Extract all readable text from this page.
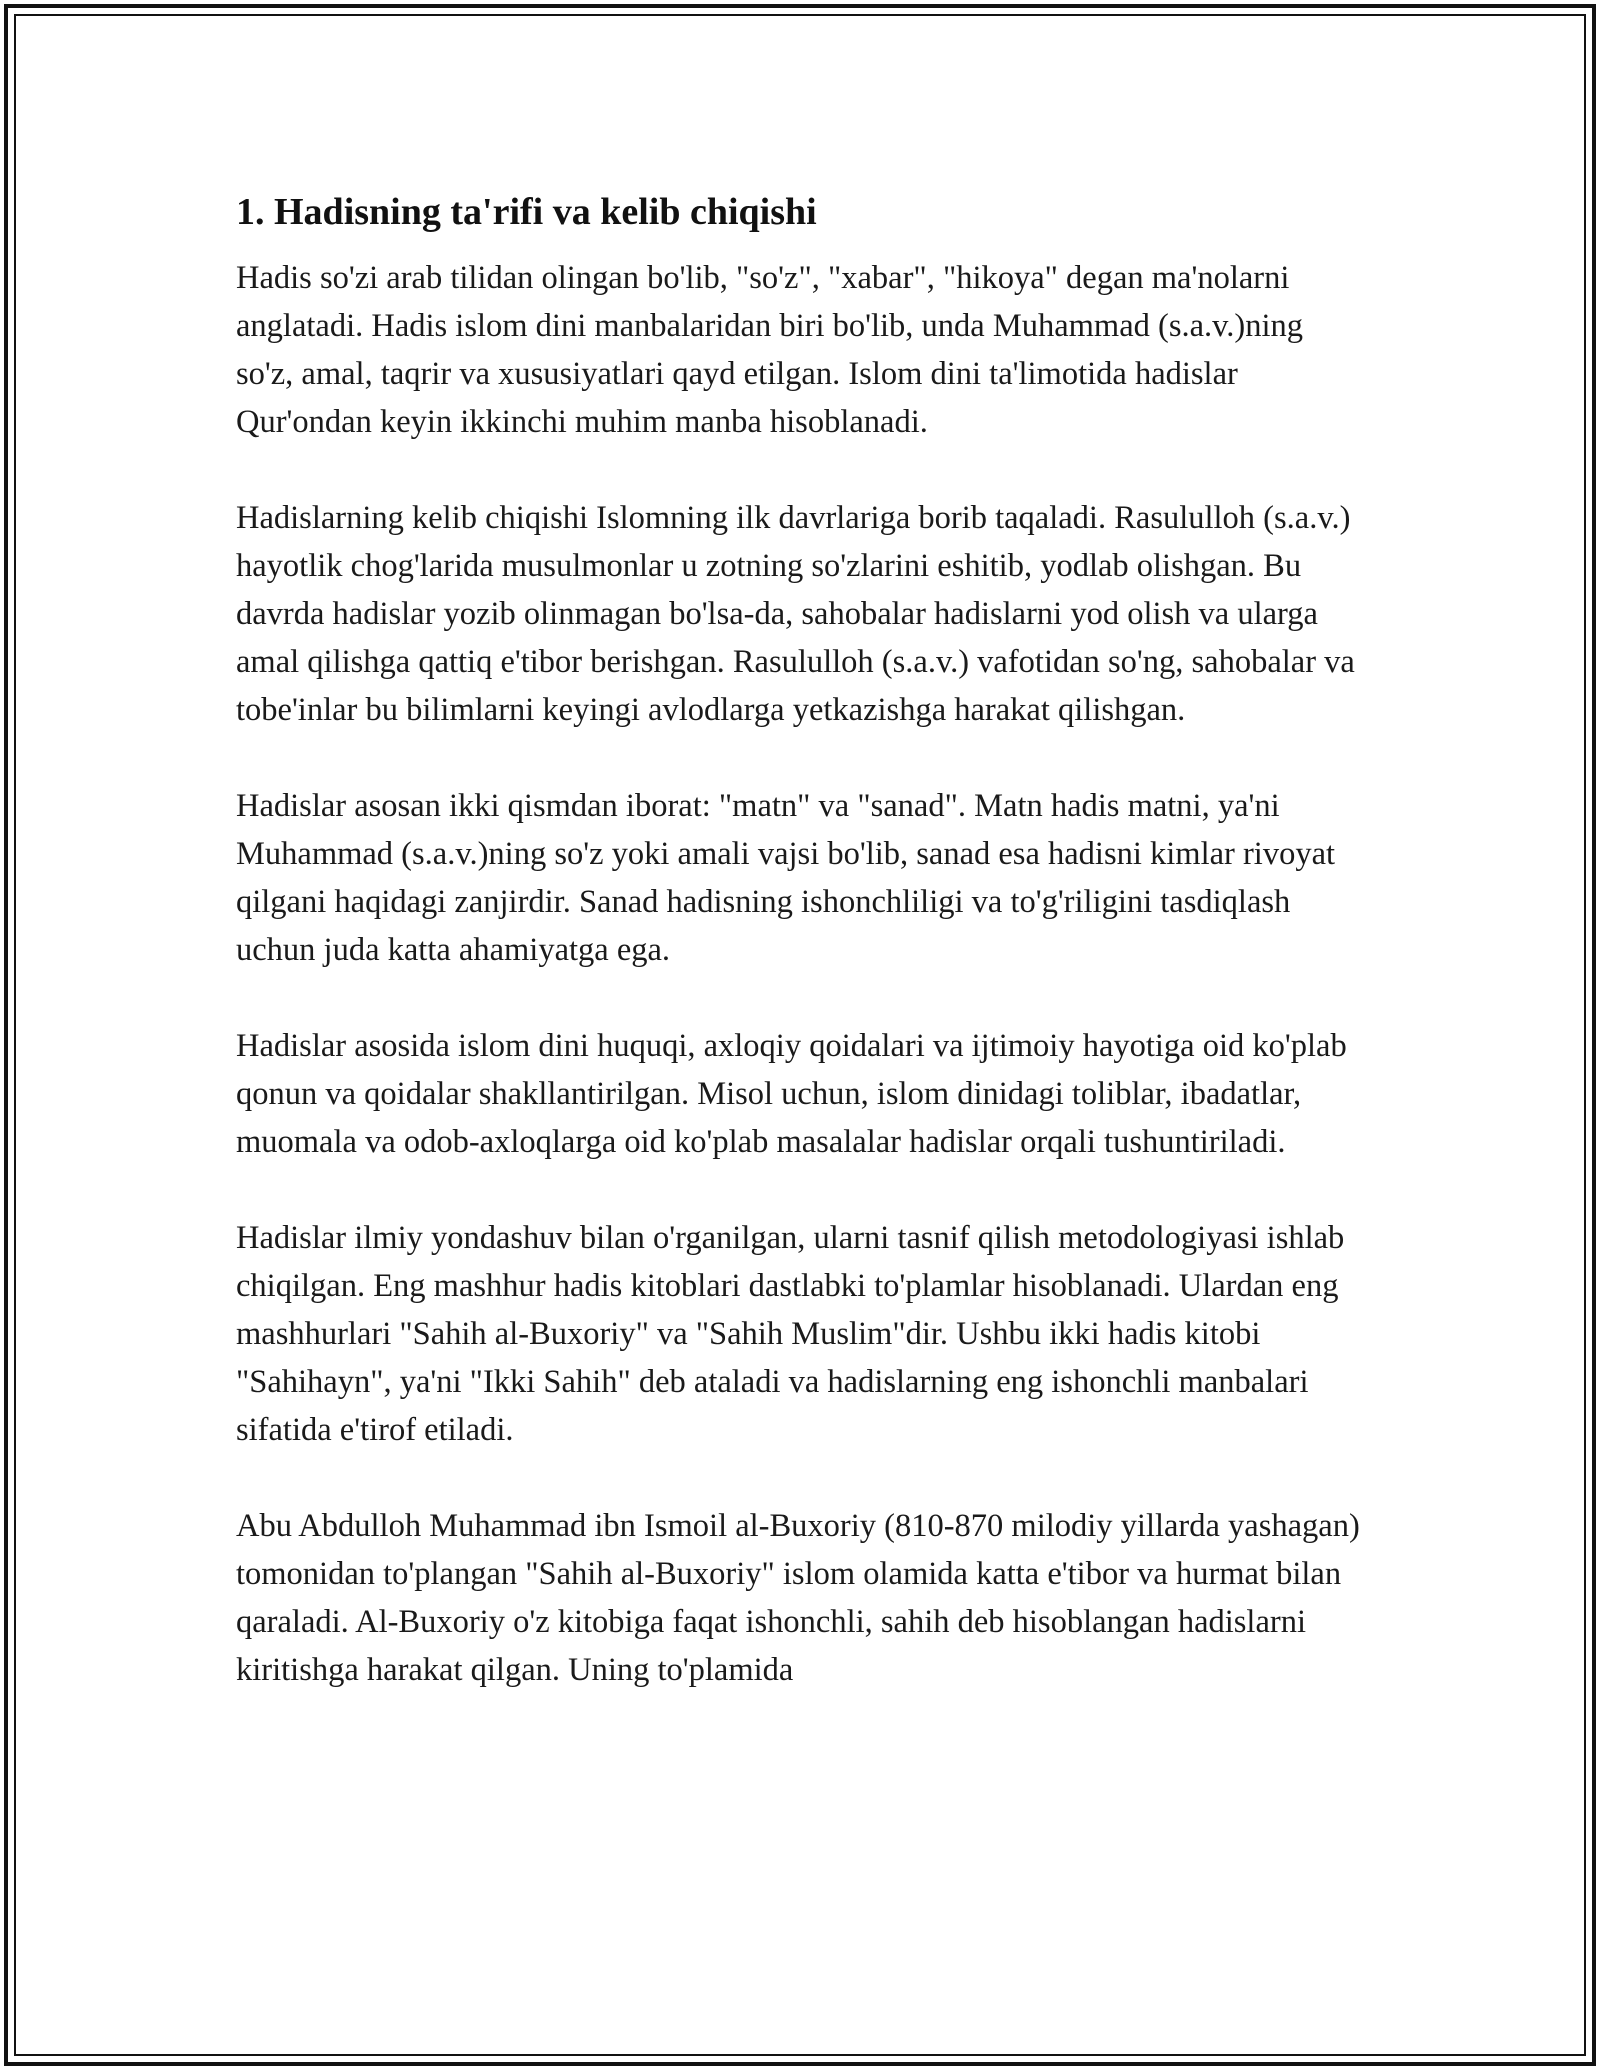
1. Hadisning ta'rifi va kelib chiqishi

Hadis so'zi arab tilidan olingan bo'lib, "so'z", "xabar", "hikoya" degan ma'nolarni anglatadi. Hadis islom dini manbalaridan biri bo'lib, unda Muhammad (s.a.v.)ning so'z, amal, taqrir va xususiyatlari qayd etilgan. Islom dini ta'limotida hadislar Qur'ondan keyin ikkinchi muhim manba hisoblanadi.

Hadislarning kelib chiqishi Islomning ilk davrlariga borib taqaladi. Rasululloh (s.a.v.) hayotlik chog'larida musulmonlar u zotning so'zlarini eshitib, yodlab olishgan. Bu davrda hadislar yozib olinmagan bo'lsa-da, sahobalar hadislarni yod olish va ularga amal qilishga qattiq e'tibor berishgan. Rasululloh (s.a.v.) vafotidan so'ng, sahobalar va tobe'inlar bu bilimlarni keyingi avlodlarga yetkazishga harakat qilishgan.

Hadislar asosan ikki qismdan iborat: "matn" va "sanad". Matn hadis matni, ya'ni Muhammad (s.a.v.)ning so'z yoki amali vajsi bo'lib, sanad esa hadisni kimlar rivoyat qilgani haqidagi zanjirdir. Sanad hadisning ishonchliligi va to'g'riligini tasdiqlash uchun juda katta ahamiyatga ega.

Hadislar asosida islom dini huquqi, axloqiy qoidalari va ijtimoiy hayotiga oid ko'plab qonun va qoidalar shakllantirilgan. Misol uchun, islom dinidagi toliblar, ibadatlar, muomala va odob-axloqlarga oid ko'plab masalalar hadislar orqali tushuntiriladi.

Hadislar ilmiy yondashuv bilan o'rganilgan, ularni tasnif qilish metodologiyasi ishlab chiqilgan. Eng mashhur hadis kitoblari dastlabki to'plamlar hisoblanadi. Ulardan eng mashhurlari "Sahih al-Buxoriy" va "Sahih Muslim"dir. Ushbu ikki hadis kitobi "Sahihayn", ya'ni "Ikki Sahih" deb ataladi va hadislarning eng ishonchli manbalari sifatida e'tirof etiladi.

Abu Abdulloh Muhammad ibn Ismoil al-Buxoriy (810-870 milodiy yillarda yashagan) tomonidan to'plangan "Sahih al-Buxoriy" islom olamida katta e'tibor va hurmat bilan qaraladi. Al-Buxoriy o'z kitobiga faqat ishonchli, sahih deb hisoblangan hadislarni kiritishga harakat qilgan. Uning to'plamida
